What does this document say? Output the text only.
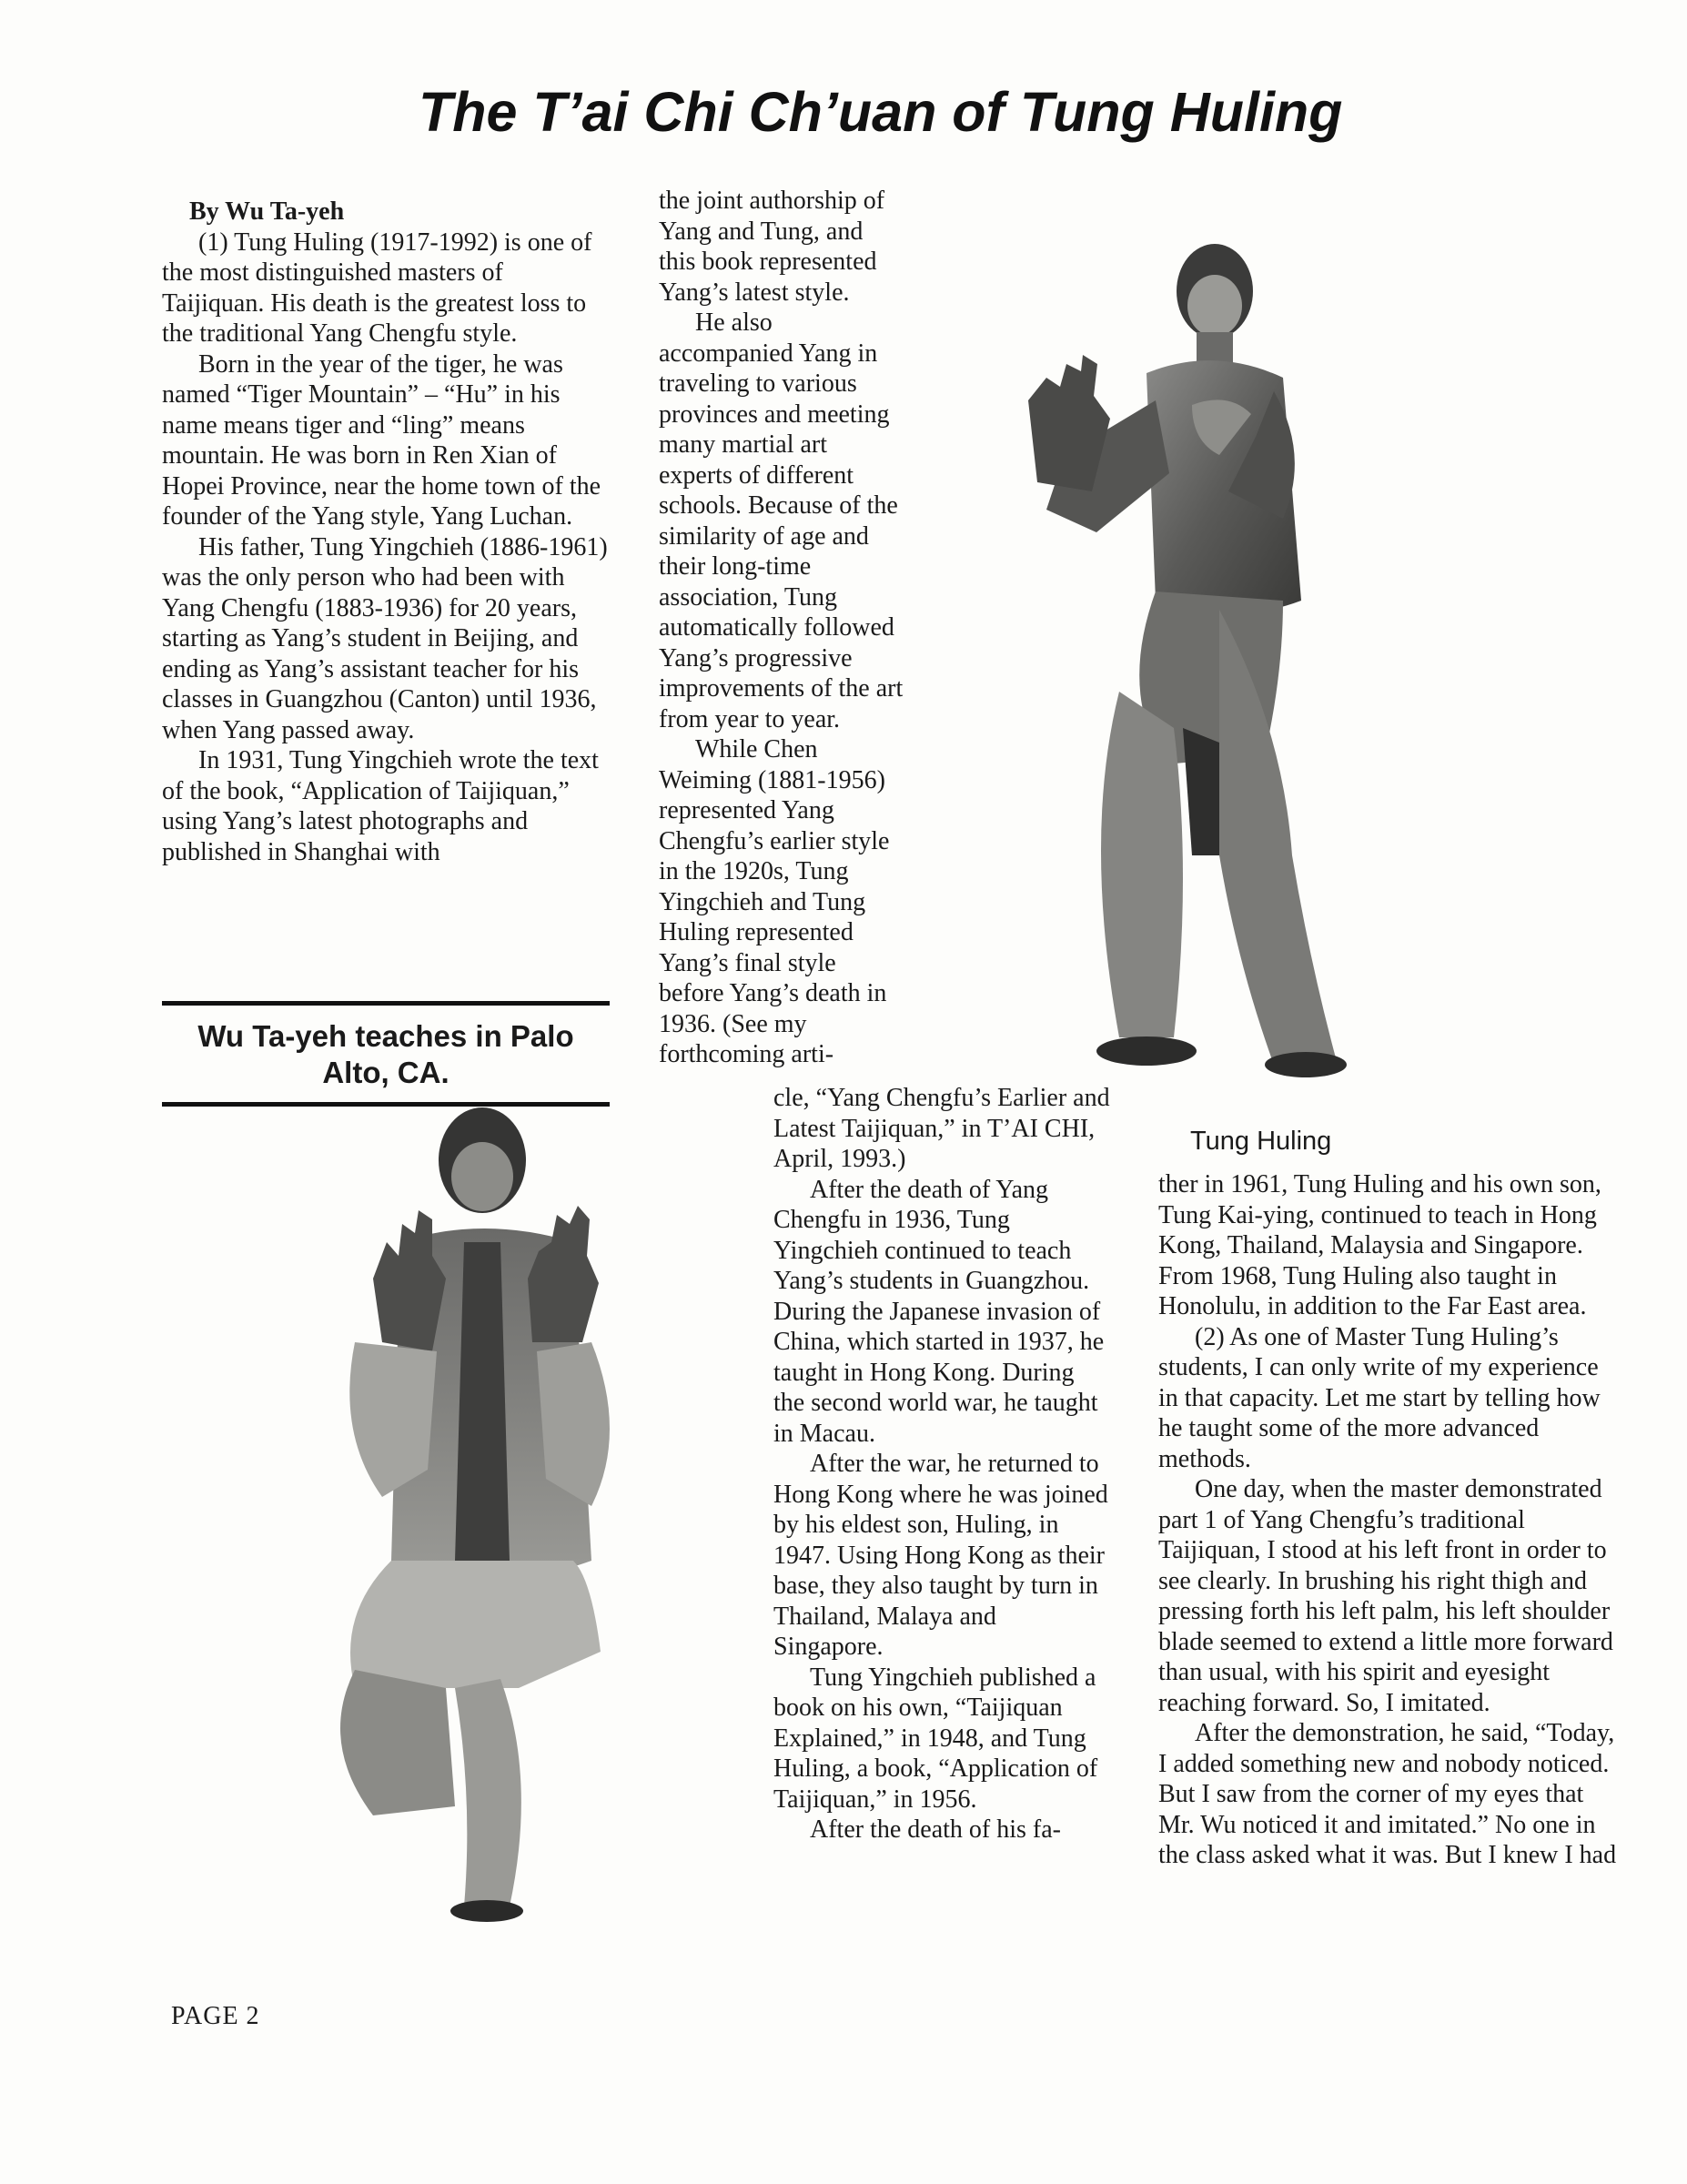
The T’ai Chi Ch’uan of Tung Huling

By Wu Ta-yeh

(1) Tung Huling (1917-1992) is one of the most distinguished masters of Taijiquan. His death is the greatest loss to the traditional Yang Chengfu style.

Born in the year of the tiger, he was named “Tiger Mountain” – “Hu” in his name means tiger and “ling” means mountain. He was born in Ren Xian of Hopei Province, near the home town of the founder of the Yang style, Yang Luchan.

His father, Tung Yingchieh (1886-1961) was the only person who had been with Yang Chengfu (1883-1936) for 20 years, starting as Yang’s student in Beijing, and ending as Yang’s assistant teacher for his classes in Guangzhou (Canton) until 1936, when Yang passed away.

In 1931, Tung Yingchieh wrote the text of the book, “Application of Taijiquan,” using Yang’s latest photographs and published in Shanghai with

Wu Ta-yeh teaches in Palo Alto, CA.

the joint authorship of Yang and Tung, and this book represented Yang’s latest style.

He also accompanied Yang in traveling to various provinces and meeting many martial art experts of different schools. Because of the similarity of age and their long-time association, Tung automatically followed Yang’s progressive improvements of the art from year to year.

While Chen Weiming (1881-1956) represented Yang Chengfu’s earlier style in the 1920s, Tung Yingchieh and Tung Huling represented Yang’s final style before Yang’s death in 1936. (See my forthcoming arti-

cle, “Yang Chengfu’s Earlier and Latest Taijiquan,” in T’AI CHI, April, 1993.)

After the death of Yang Chengfu in 1936, Tung Yingchieh continued to teach Yang’s students in Guangzhou. During the Japanese invasion of China, which started in 1937, he taught in Hong Kong. During the second world war, he taught in Macau.

After the war, he returned to Hong Kong where he was joined by his eldest son, Huling, in 1947. Using Hong Kong as their base, they also taught by turn in Thailand, Malaya and Singapore.

Tung Yingchieh published a book on his own, “Taijiquan Explained,” in 1948, and Tung Huling, a book, “Application of Taijiquan,” in 1956.

After the death of his fa-

Tung Huling

ther in 1961, Tung Huling and his own son, Tung Kai-ying, continued to teach in Hong Kong, Thailand, Malaysia and Singapore. From 1968, Tung Huling also taught in Honolulu, in addition to the Far East area.

(2) As one of Master Tung Huling’s students, I can only write of my experience in that capacity. Let me start by telling how he taught some of the more advanced methods.

One day, when the master demonstrated part 1 of Yang Chengfu’s traditional Taijiquan, I stood at his left front in order to see clearly. In brushing his right thigh and pressing forth his left palm, his left shoulder blade seemed to extend a little more forward than usual, with his spirit and eyesight reaching forward. So, I imitated.

After the demonstration, he said, “Today, I added something new and nobody noticed. But I saw from the corner of my eyes that Mr. Wu noticed it and imitated.” No one in the class asked what it was. But I knew I had

PAGE 2
